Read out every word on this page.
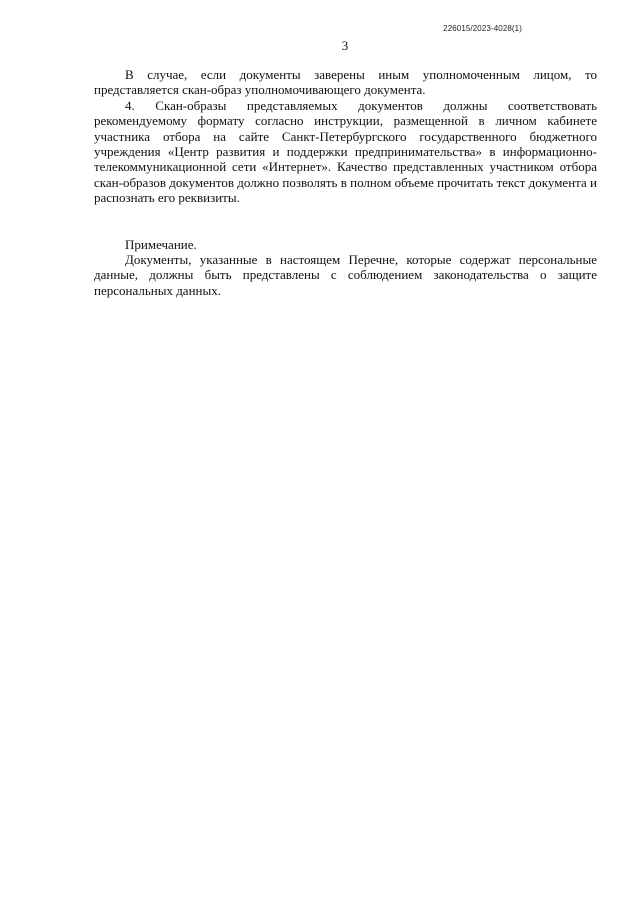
226015/2023-4028(1)
3

В случае, если документы заверены иным уполномоченным лицом, то представляется скан-образ уполномочивающего документа.

4. Скан-образы представляемых документов должны соответствовать рекомендуемому формату согласно инструкции, размещенной в личном кабинете участника отбора на сайте Санкт-Петербургского государственного бюджетного учреждения «Центр развития и поддержки предпринимательства» в информационно-телекоммуникационной сети «Интернет». Качество представленных участником отбора скан-образов документов должно позволять в полном объеме прочитать текст документа и распознать его реквизиты.

Примечание.

Документы, указанные в настоящем Перечне, которые содержат персональные данные, должны быть представлены с соблюдением законодательства о защите персональных данных.
